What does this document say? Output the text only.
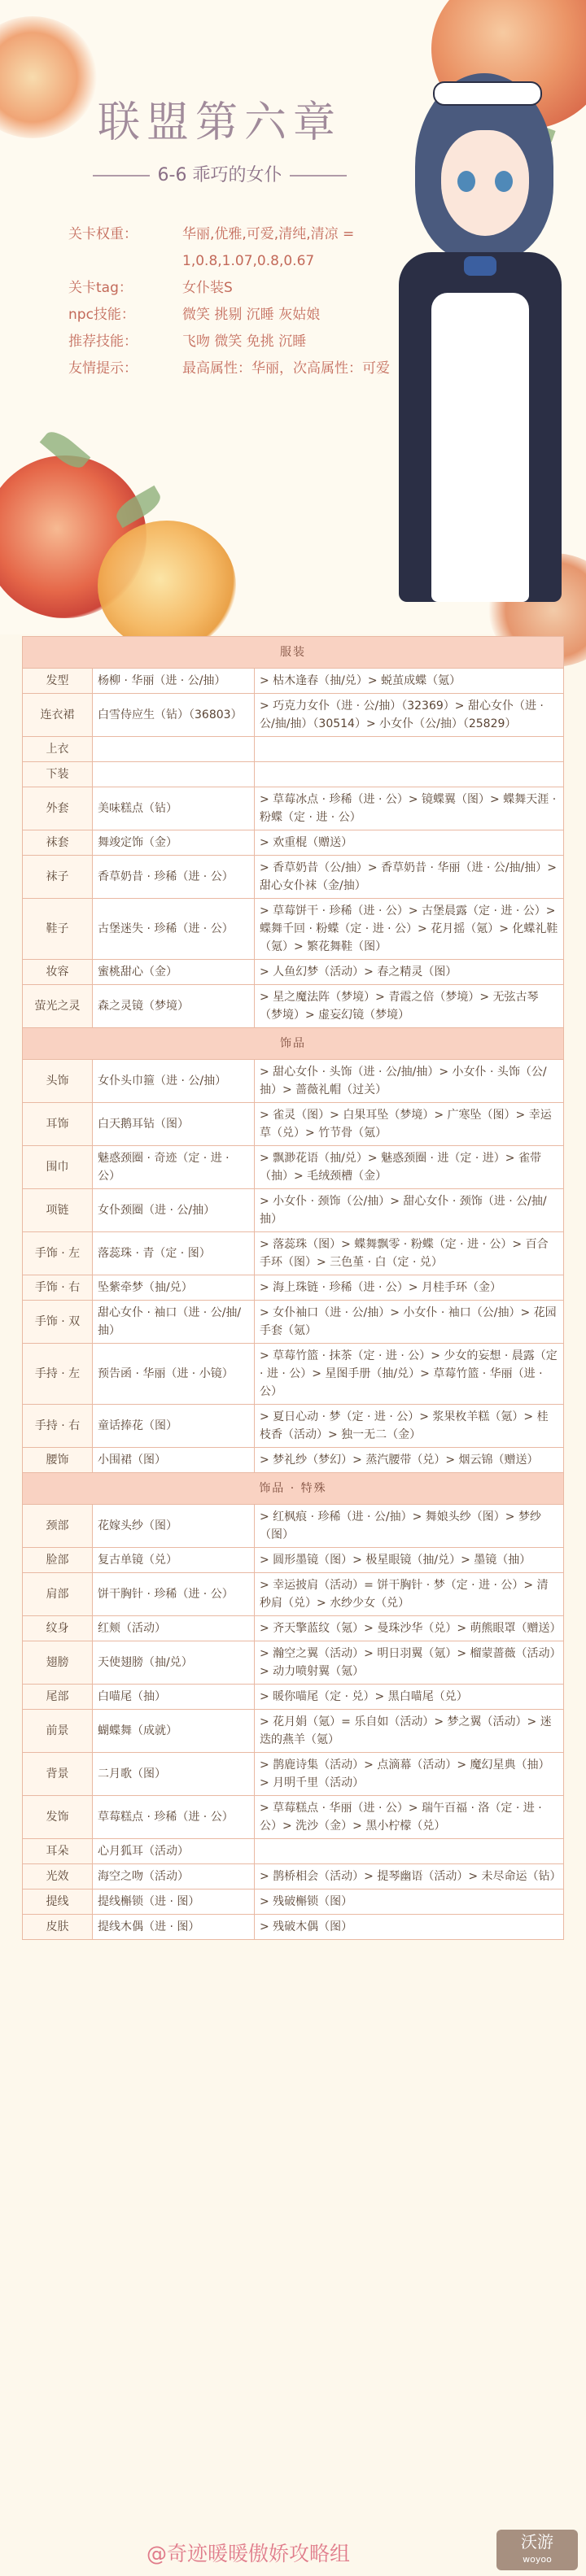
联盟第六章
6-6 乖巧的女仆
关卡权重：	华丽,优雅,可爱,清纯,清凉 = 1,0.8,1.07,0.8,0.67
关卡tag：	女仆装S
npc技能：	微笑 挑剔 沉睡 灰姑娘
推荐技能：	飞吻 微笑 免挑 沉睡
友情提示：	最高属性：华丽，次高属性：可爱
服装		
发型	杨柳 · 华丽（进 · 公/抽）	> 枯木逢春（抽/兑）> 蜕茧成蝶（氪）
连衣裙	白雪侍应生（钻）（36803）	> 巧克力女仆（进 · 公/抽）（32369）> 甜心女仆（进 · 公/抽/抽）（30514）> 小女仆（公/抽）（25829）
上衣		
下装		
外套	美味糕点（钻）	> 草莓冰点 · 珍稀（进 · 公）> 镜蝶翼（图）> 蝶舞天涯 · 粉蝶（定 · 进 · 公）
袜套	舞竣定饰（金）	> 欢重棍（赠送）
袜子	香草奶昔 · 珍稀（进 · 公）	> 香草奶昔（公/抽）> 香草奶昔 · 华丽（进 · 公/抽/抽）> 甜心女仆袜（金/抽）
鞋子	古堡迷失 · 珍稀（进 · 公）	> 草莓饼干 · 珍稀（进 · 公）> 古堡晨露（定 · 进 · 公）> 蝶舞千回 · 粉蝶（定 · 进 · 公）> 花月摇（氪）> 化蝶礼鞋（氪）> 繁花舞鞋（图）
妆容	蜜桃甜心（金）	> 人鱼幻梦（活动）> 春之精灵（图）
萤光之灵	森之灵镜（梦境）	> 星之魔法阵（梦境）> 青霞之倍（梦境）> 无弦古琴（梦境）> 虚妄幻镜（梦境）
饰品		
头饰	女仆头巾箍（进 · 公/抽）	> 甜心女仆 · 头饰（进 · 公/抽/抽）> 小女仆 · 头饰（公/抽）> 蔷薇礼帽（过关）
耳饰	白天鹅耳钻（图）	> 雀灵（图）> 白果耳坠（梦境）> 广寒坠（图）> 幸运草（兑）> 竹节骨（氪）
围巾	魅惑颈圈 · 奇迹（定 · 进 · 公）	> 飘渺花语（抽/兑）> 魅惑颈圈 · 进（定 · 进）> 雀带（抽）> 毛绒颈槽（金）
项链	女仆颈圈（进 · 公/抽）	> 小女仆 · 颈饰（公/抽）> 甜心女仆 · 颈饰（进 · 公/抽/抽）
手饰 · 左	落蕊珠 · 青（定 · 图）	> 落蕊珠（图）> 蝶舞飘零 · 粉蝶（定 · 进 · 公）> 百合手环（图）> 三色堇 · 白（定 · 兑）
手饰 · 右	坠紫牵梦（抽/兑）	> 海上珠链 · 珍稀（进 · 公）> 月桂手环（金）
手饰 · 双	甜心女仆 · 袖口（进 · 公/抽/抽）	> 女仆袖口（进 · 公/抽）> 小女仆 · 袖口（公/抽）> 花园手套（氪）
手持 · 左	预告函 · 华丽（进 · 小镜）	> 草莓竹篮 · 抹茶（定 · 进 · 公）> 少女的妄想 · 晨露（定 · 进 · 公）> 星图手册（抽/兑）> 草莓竹篮 · 华丽（进 · 公）
手持 · 右	童话捧花（图）	> 夏日心动 · 梦（定 · 进 · 公）> 浆果枚羊糕（氪）> 桂枝香（活动）> 独一无二（金）
腰饰	小围裙（图）	> 梦礼纱（梦幻）> 蒸汽腰带（兑）> 烟云锦（赠送）
饰品 · 特殊		
颈部	花嫁头纱（图）	> 红枫痕 · 珍稀（进 · 公/抽）> 舞娘头纱（图）> 梦纱（图）
脸部	复古单镜（兑）	> 圆形墨镜（图）> 极星眼镜（抽/兑）> 墨镜（抽）
肩部	饼干胸针 · 珍稀（进 · 公）	> 幸运披肩（活动）= 饼干胸针 · 梦（定 · 进 · 公）> 清秒肩（兑）> 水纱少女（兑）
纹身	红颊（活动）	> 齐天擎蓝纹（氪）> 曼珠沙华（兑）> 萌熊眼罩（赠送）
翅膀	天使翅膀（抽/兑）	> 瀚空之翼（活动）> 明日羽翼（氪）> 榴蒙蔷薇（活动）> 动力喷射翼（氪）
尾部	白喵尾（抽）	> 暖你喵尾（定 · 兑）> 黑白喵尾（兑）
前景	蝴蝶舞（成就）	> 花月娟（氪）= 乐自如（活动）> 梦之翼（活动）> 迷迭的燕羊（氪）
背景	二月歌（图）	> 鹊鹿诗集（活动）> 点滴幕（活动）> 魔幻星典（抽）> 月明千里（活动）
发饰	草莓糕点 · 珍稀（进 · 公）	> 草莓糕点 · 华丽（进 · 公）> 瑞午百福 · 洛（定 · 进 · 公）> 洗沙（金）> 黑小柠檬（兑）
耳朵	心月狐耳（活动）	
光效	海空之吻（活动）	> 鹊桥相会（活动）> 提琴幽语（活动）> 未尽命运（钻）
提线	提线槲锁（进 · 图）	> 残破槲锁（图）
皮肤	提线木偶（进 · 图）	> 残破木偶（图）
@奇迹暖暖傲娇攻略组	沃游
woyoo
